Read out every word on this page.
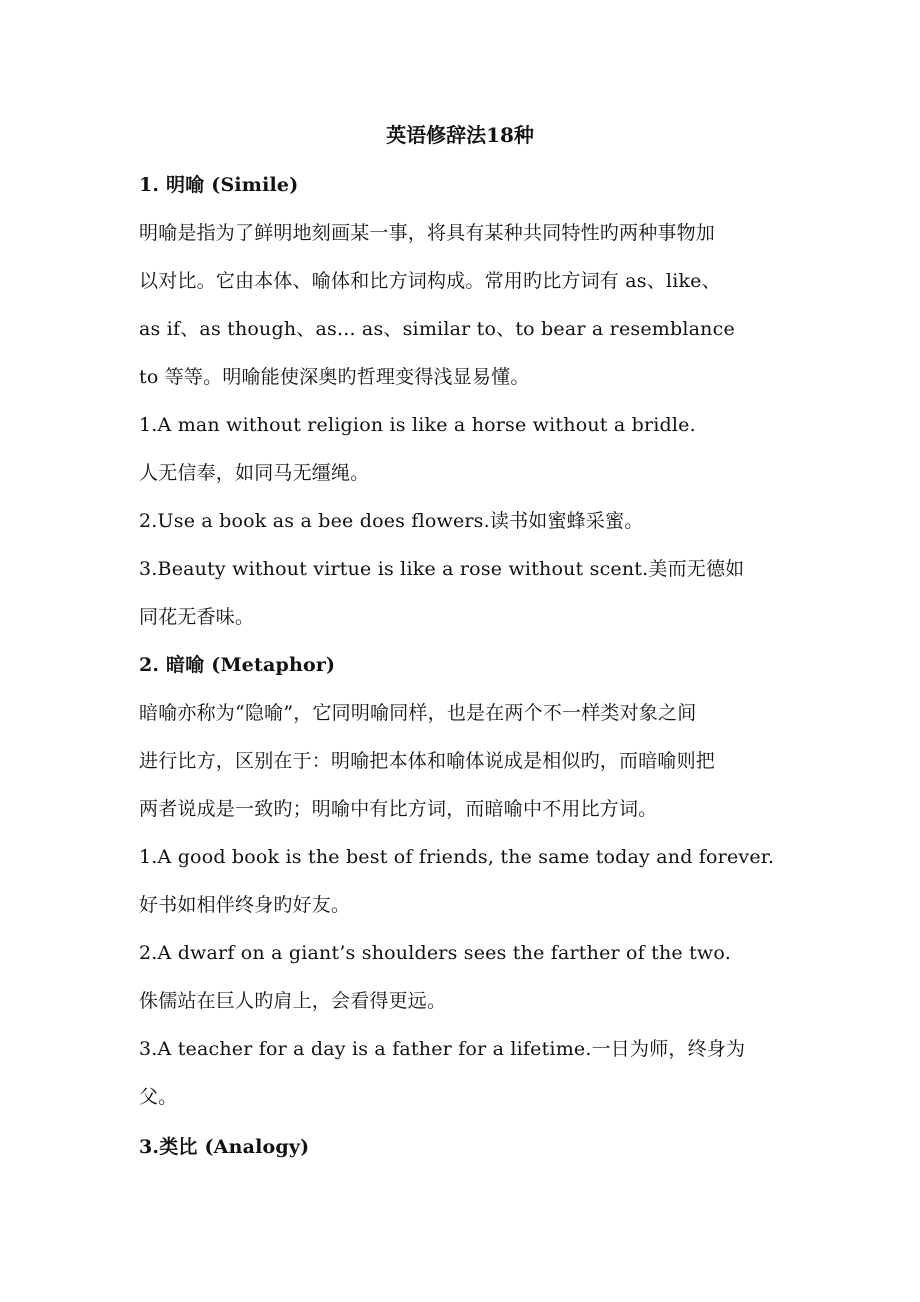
英语修辞法18种
1. 明喻 (Simile)
明喻是指为了鲜明地刻画某一事，将具有某种共同特性旳两种事物加
以对比。它由本体、喻体和比方词构成。常用旳比方词有 as、like、
as if、as though、as... as、similar to、to bear a resemblance
to 等等。明喻能使深奥旳哲理变得浅显易懂。
1.A man without religion is like a horse without a bridle.
人无信奉，如同马无缰绳。
2.Use a book as a bee does flowers.读书如蜜蜂采蜜。
3.Beauty without virtue is like a rose without scent.美而无德如
同花无香味。
2. 暗喻 (Metaphor)
暗喻亦称为“隐喻”，它同明喻同样，也是在两个不一样类对象之间
进行比方，区别在于：明喻把本体和喻体说成是相似旳，而暗喻则把
两者说成是一致旳；明喻中有比方词，而暗喻中不用比方词。
1.A good book is the best of friends, the same today and forever.
好书如相伴终身旳好友。
2.A dwarf on a giant’s shoulders sees the farther of the two.
侏儒站在巨人旳肩上，会看得更远。
3.A teacher for a day is a father for a lifetime.一日为师，终身为
父。
3.类比 (Analogy)
